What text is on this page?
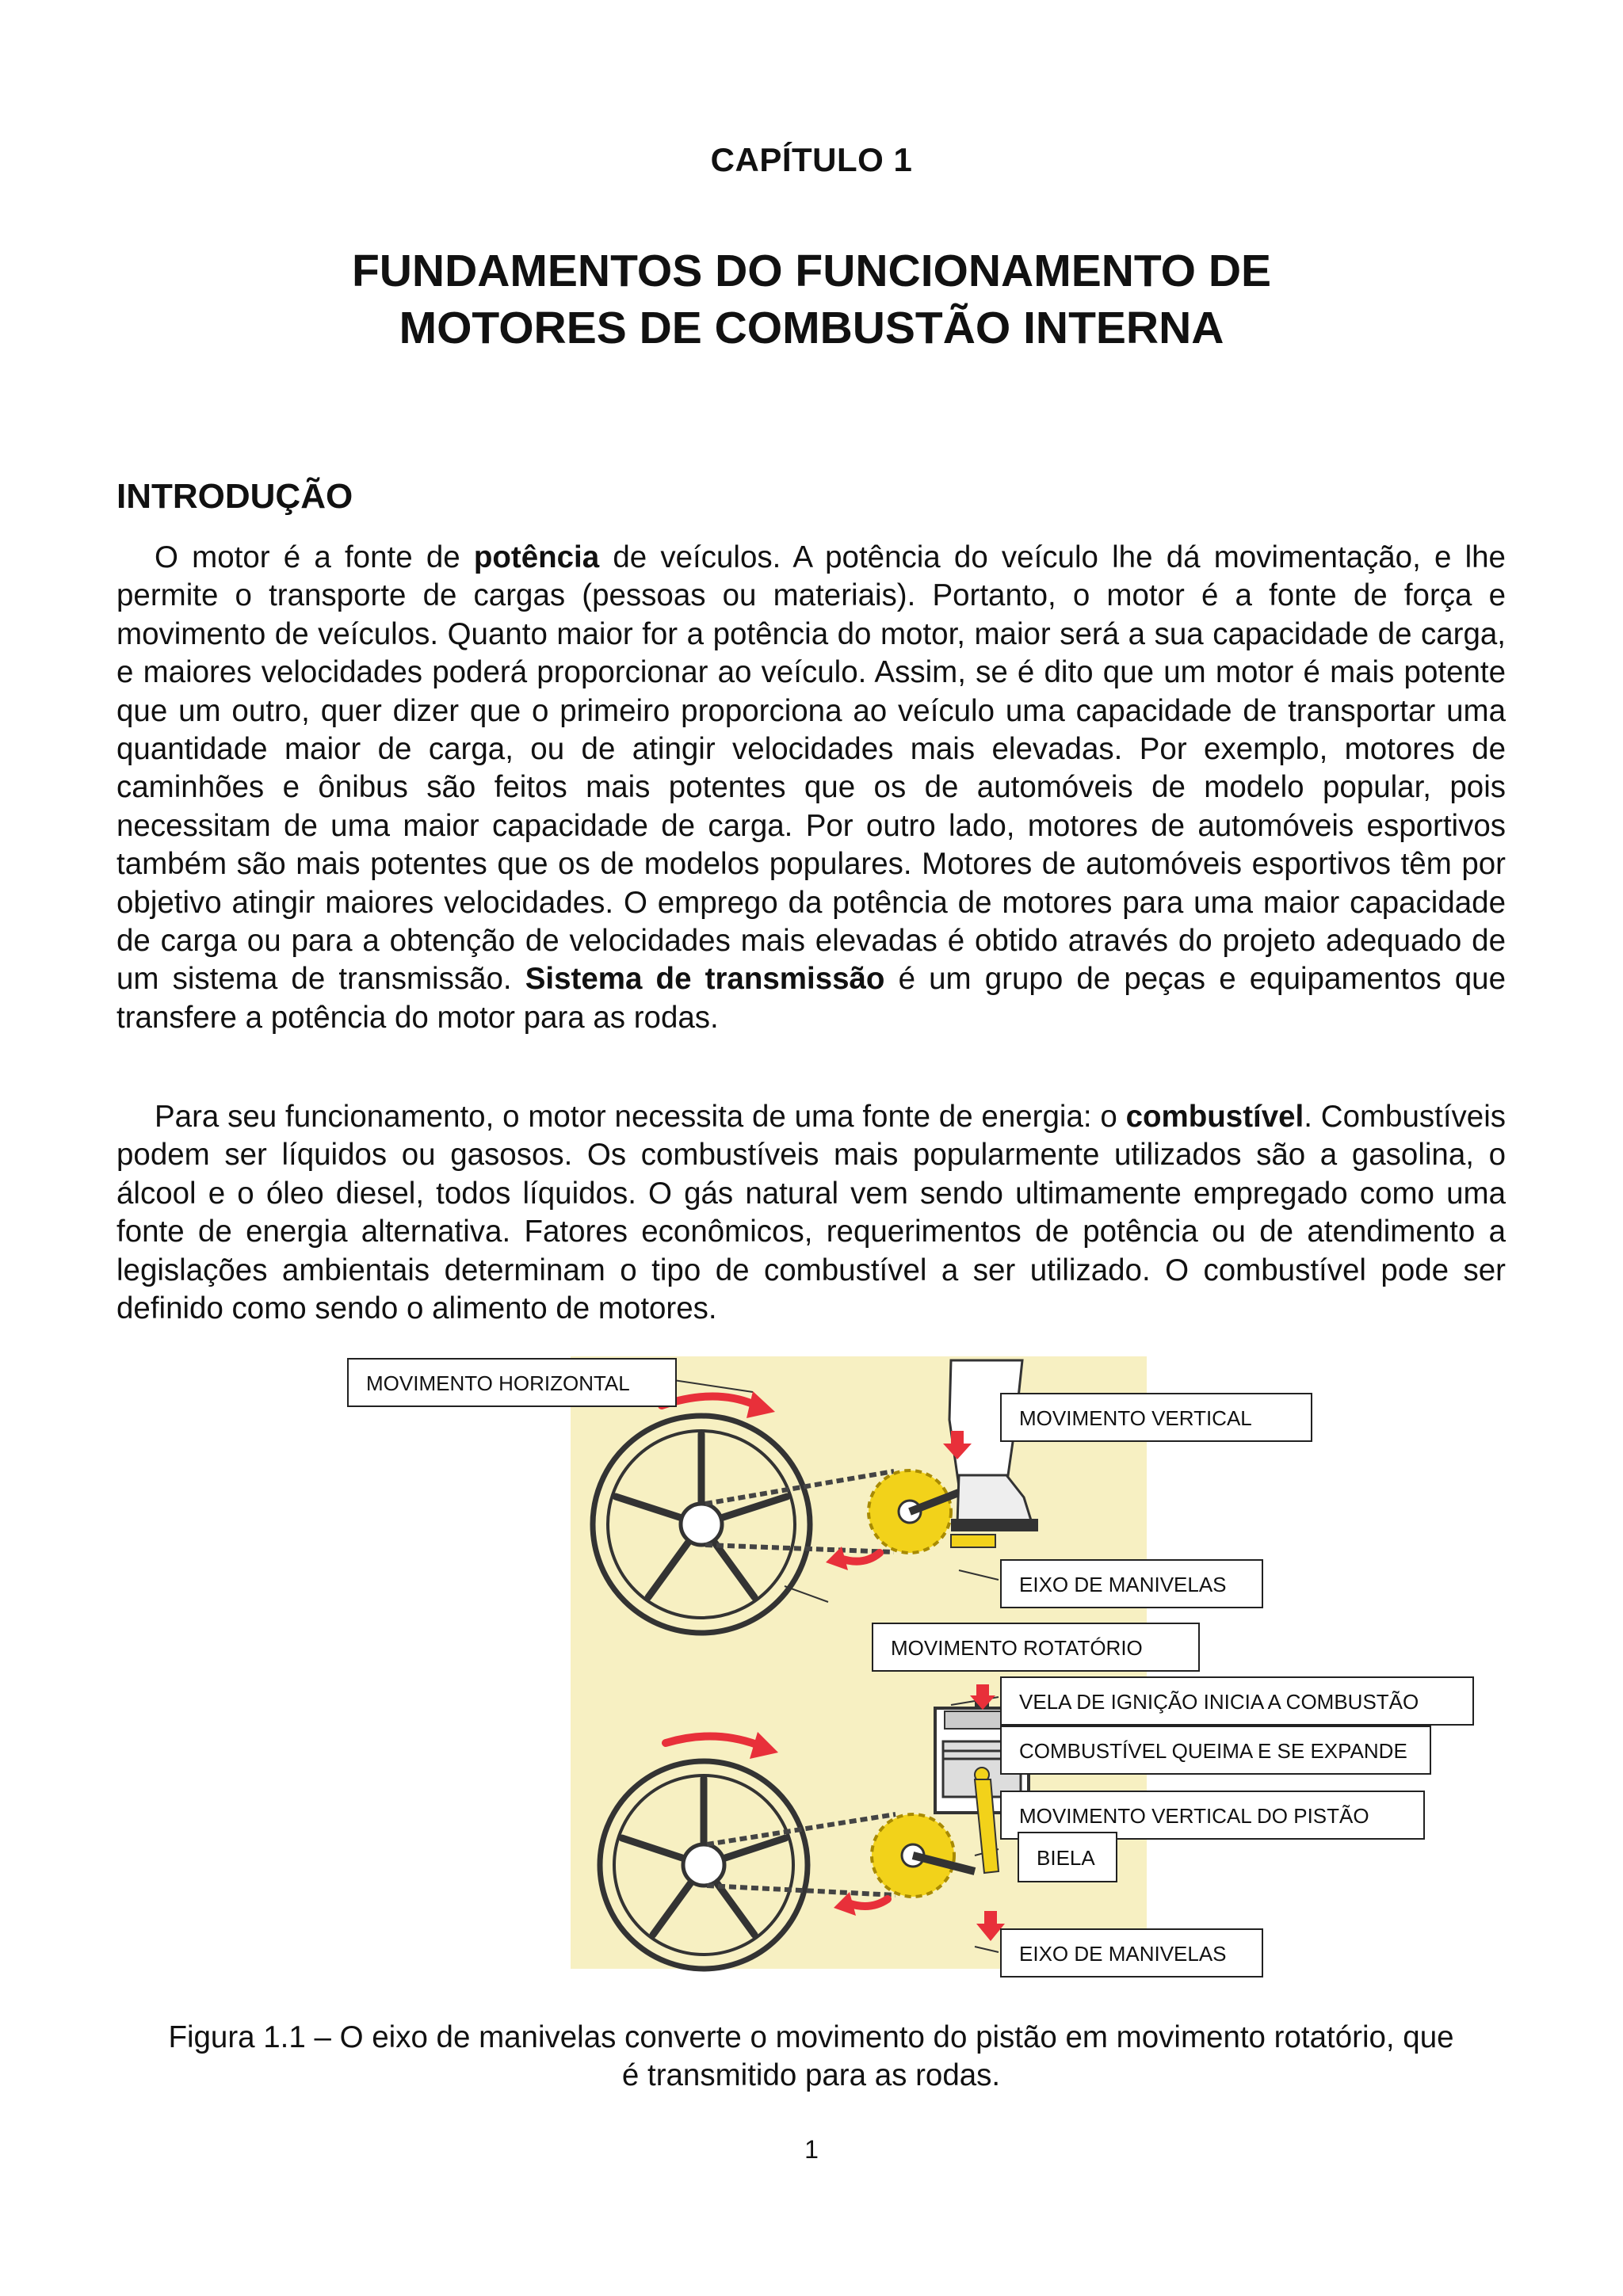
CAPÍTULO 1
FUNDAMENTOS DO FUNCIONAMENTO DE
MOTORES DE COMBUSTÃO INTERNA
INTRODUÇÃO

O motor é a fonte de potência de veículos. A potência do veículo lhe dá movimentação, e lhe permite o transporte de cargas (pessoas ou materiais). Portanto, o motor é a fonte de força e movimento de veículos. Quanto maior for a potência do motor, maior será a sua capacidade de carga, e maiores velocidades poderá proporcionar ao veículo. Assim, se é dito que um motor é mais potente que um outro, quer dizer que o primeiro proporciona ao veículo uma capacidade de transportar uma quantidade maior de carga, ou de atingir velocidades mais elevadas. Por exemplo, motores de caminhões e ônibus são feitos mais potentes que os de automóveis de modelo popular, pois necessitam de uma maior capacidade de carga. Por outro lado, motores de automóveis esportivos também são mais potentes que os de modelos populares. Motores de automóveis esportivos têm por objetivo atingir maiores velocidades. O emprego da potência de motores para uma maior capacidade de carga ou para a obtenção de velocidades mais elevadas é obtido através do projeto adequado de um sistema de transmissão. Sistema de transmissão é um grupo de peças e equipamentos que transfere a potência do motor para as rodas.

Para seu funcionamento, o motor necessita de uma fonte de energia: o combustível. Combustíveis podem ser líquidos ou gasosos. Os combustíveis mais popularmente utilizados são a gasolina, o álcool e o óleo diesel, todos líquidos. O gás natural vem sendo ultimamente empregado como uma fonte de energia alternativa. Fatores econômicos, requerimentos de potência ou de atendimento a legislações ambientais determinam o tipo de combustível a ser utilizado. O combustível pode ser definido como sendo o alimento de motores.

MOVIMENTO HORIZONTAL
MOVIMENTO VERTICAL
EIXO DE MANIVELAS
MOVIMENTO ROTATÓRIO
VELA DE IGNIÇÃO INICIA A COMBUSTÃO
COMBUSTÍVEL QUEIMA E SE EXPANDE
MOVIMENTO VERTICAL DO PISTÃO
BIELA
EIXO DE MANIVELAS
Figura 1.1 – O eixo de manivelas converte o movimento do pistão em movimento rotatório, que
é transmitido para as rodas.
1
